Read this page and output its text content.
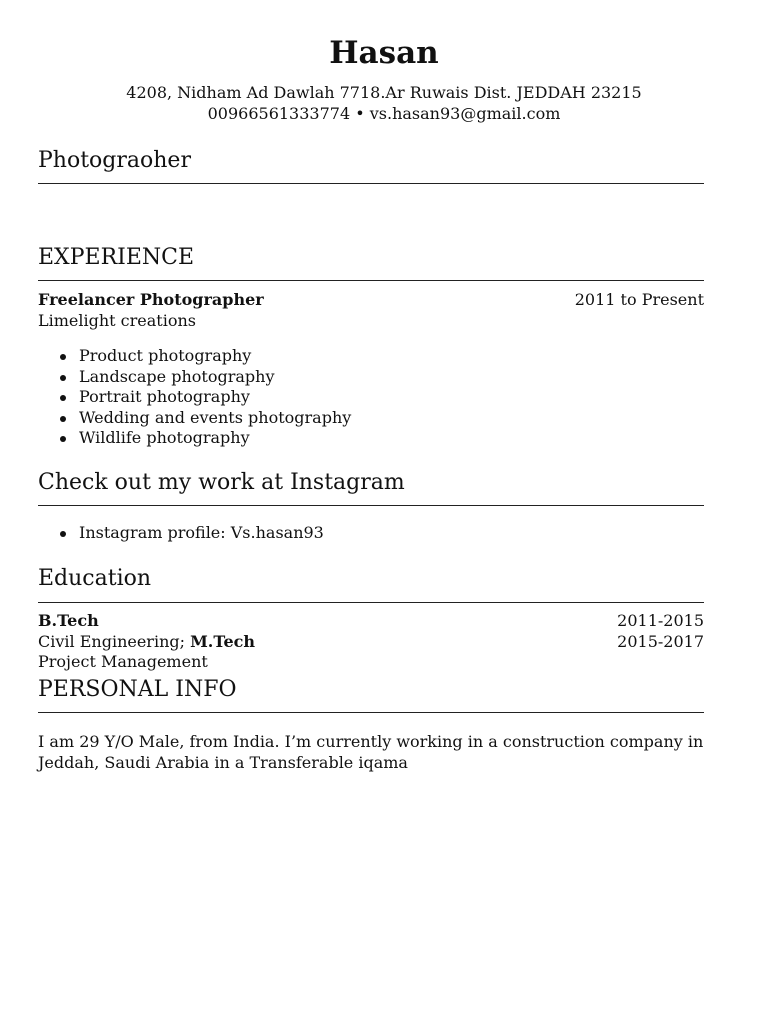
Hasan
4208, Nidham Ad Dawlah 7718.Ar Ruwais Dist. JEDDAH 23215
00966561333774 • vs.hasan93@gmail.com
Photograoher
EXPERIENCE
Freelancer Photographer	2011 to Present
Limelight creations
Product photography
Landscape photography
Portrait photography
Wedding and events photography
Wildlife photography
Check out my work at Instagram
Instagram profile: Vs.hasan93
Education
B.Tech	2011-2015
Civil Engineering; M.Tech	2015-2017
Project Management
PERSONAL INFO
I am 29 Y/O Male, from India. I’m currently working in a construction company in Jeddah, Saudi Arabia in a Transferable iqama
